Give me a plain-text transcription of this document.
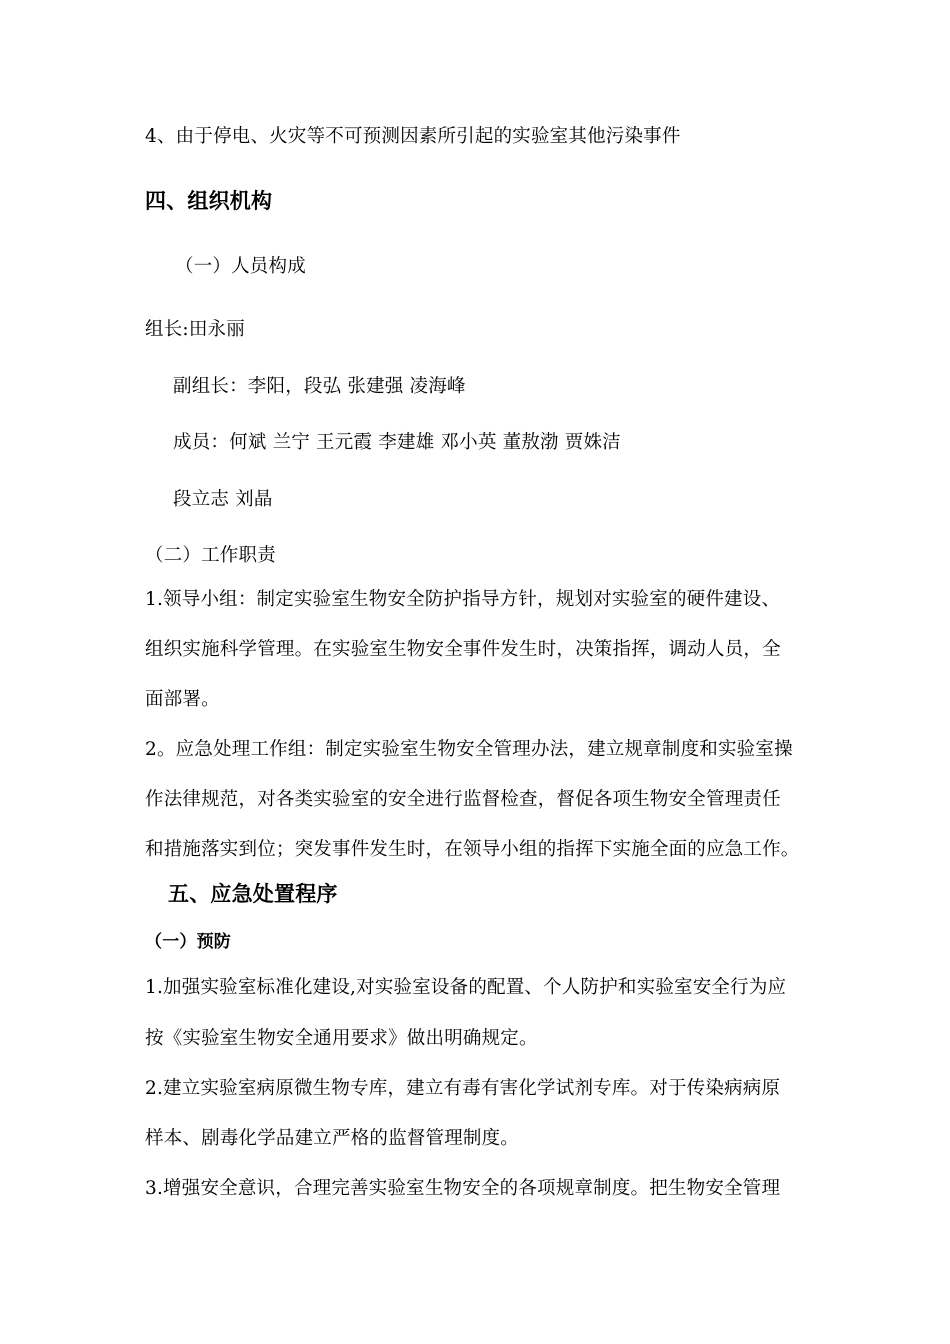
4、由于停电、火灾等不可预测因素所引起的实验室其他污染事件
四、组织机构
（一）人员构成
组长:田永丽
副组长：李阳，段弘 张建强 凌海峰
成员：何斌 兰宁 王元霞 李建雄 邓小英 董敖渤 贾姝洁
段立志 刘晶
（二）工作职责
1.领导小组：制定实验室生物安全防护指导方针，规划对实验室的硬件建设、
组织实施科学管理。在实验室生物安全事件发生时，决策指挥，调动人员，全
面部署。
2。应急处理工作组：制定实验室生物安全管理办法，建立规章制度和实验室操
作法律规范，对各类实验室的安全进行监督检查，督促各项生物安全管理责任
和措施落实到位；突发事件发生时，在领导小组的指挥下实施全面的应急工作。
五、应急处置程序
（一）预防
1.加强实验室标准化建设,对实验室设备的配置、个人防护和实验室安全行为应
按《实验室生物安全通用要求》做出明确规定。
2.建立实验室病原微生物专库，建立有毒有害化学试剂专库。对于传染病病原
样本、剧毒化学品建立严格的监督管理制度。
3.增强安全意识，合理完善实验室生物安全的各项规章制度。把生物安全管理
